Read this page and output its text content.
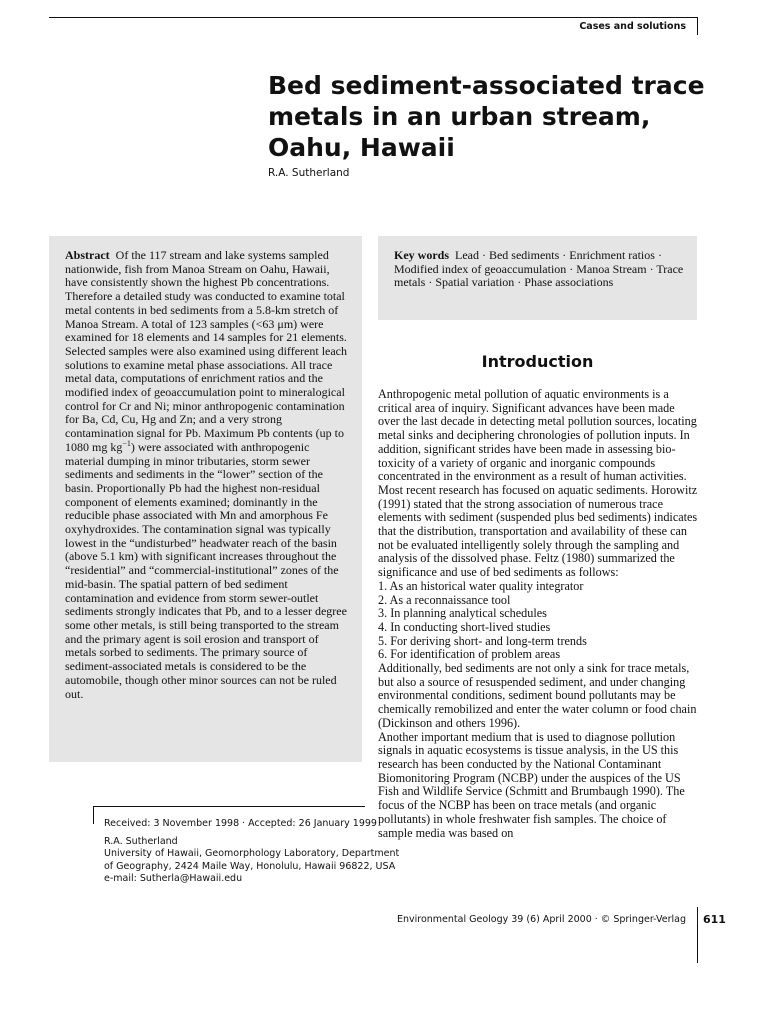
Cases and solutions
Bed sediment-associated trace metals in an urban stream, Oahu, Hawaii
R.A. Sutherland

Abstract Of the 117 stream and lake systems sampled nationwide, fish from Manoa Stream on Oahu, Hawaii, have consistently shown the highest Pb concentrations. Therefore a detailed study was conducted to examine total metal contents in bed sediments from a 5.8-km stretch of Manoa Stream. A total of 123 samples (<63 μm) were examined for 18 elements and 14 samples for 21 elements. Selected samples were also examined using different leach solutions to examine metal phase associations. All trace metal data, computations of enrichment ratios and the modified index of geoaccumulation point to mineralogical control for Cr and Ni; minor anthropogenic contamination for Ba, Cd, Cu, Hg and Zn; and a very strong contamination signal for Pb. Maximum Pb contents (up to 1080 mg $kg^{-1}$) were associated with anthropogenic material dumping in minor tributaries, storm sewer sediments and sediments in the “lower” section of the basin. Proportionally Pb had the highest non-residual component of elements examined; dominantly in the reducible phase associated with Mn and amorphous Fe oxyhydroxides. The contamination signal was typically lowest in the “undisturbed” headwater reach of the basin (above 5.1 km) with significant increases throughout the “residential” and “commercial-institutional” zones of the mid-basin. The spatial pattern of bed sediment contamination and evidence from storm sewer-outlet sediments strongly indicates that Pb, and to a lesser degree some other metals, is still being transported to the stream and the primary agent is soil erosion and transport of metals sorbed to sediments. The primary source of sediment-associated metals is considered to be the automobile, though other minor sources can not be ruled out.

Key words Lead · Bed sediments · Enrichment ratios · Modified index of geoaccumulation · Manoa Stream · Trace metals · Spatial variation · Phase associations

Introduction

Anthropogenic metal pollution of aquatic environments is a critical area of inquiry. Significant advances have been made over the last decade in detecting metal pollution sources, locating metal sinks and deciphering chronologies of pollution inputs. In addition, significant strides have been made in assessing bio-toxicity of a variety of organic and inorganic compounds concentrated in the environment as a result of human activities. Most recent research has focused on aquatic sediments. Horowitz (1991) stated that the strong association of numerous trace elements with sediment (suspended plus bed sediments) indicates that the distribution, transportation and availability of these can not be evaluated intelligently solely through the sampling and analysis of the dissolved phase. Feltz (1980) summarized the significance and use of bed sediments as follows:

1. As an historical water quality integrator
2. As a reconnaissance tool
3. In planning analytical schedules
4. In conducting short-lived studies
5. For deriving short- and long-term trends
6. For identification of problem areas

Additionally, bed sediments are not only a sink for trace metals, but also a source of resuspended sediment, and under changing environmental conditions, sediment bound pollutants may be chemically remobilized and enter the water column or food chain (Dickinson and others 1996).

Another important medium that is used to diagnose pollution signals in aquatic ecosystems is tissue analysis, in the US this research has been conducted by the National Contaminant Biomonitoring Program (NCBP) under the auspices of the US Fish and Wildlife Service (Schmitt and Brumbaugh 1990). The focus of the NCBP has been on trace metals (and organic pollutants) in whole freshwater fish samples. The choice of sample media was based on

Received: 3 November 1998 · Accepted: 26 January 1999

R.A. Sutherland
University of Hawaii, Geomorphology Laboratory, Department
of Geography, 2424 Maile Way, Honolulu, Hawaii 96822, USA
e-mail: Sutherla@Hawaii.edu
Environmental Geology 39 (6) April 2000 · © Springer-Verlag 611
